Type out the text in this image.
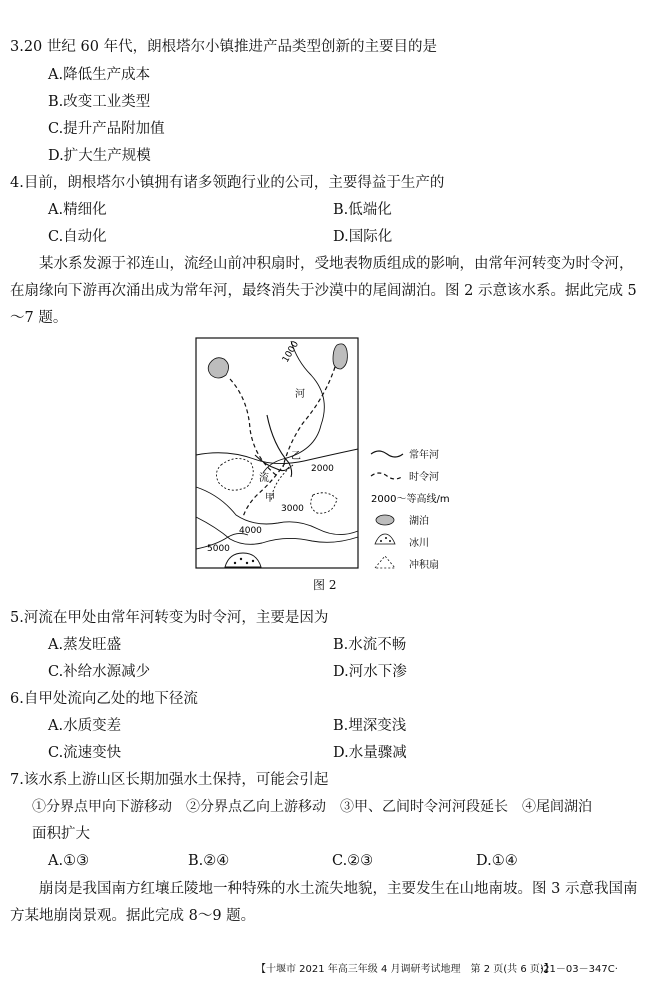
3.20 世纪 60 年代，朗根塔尔小镇推进产品类型创新的主要目的是
A.降低生产成本
B.改变工业类型
C.提升产品附加值
D.扩大生产规模
4.目前，朗根塔尔小镇拥有诸多领跑行业的公司，主要得益于生产的
A.精细化	B.低端化
C.自动化	D.国际化
某水系发源于祁连山，流经山前冲积扇时，受地表物质组成的影响，由常年河转变为时令河，在扇缘向下游再次涌出成为常年河，最终消失于沙漠中的尾闾湖泊。图 2 示意该水系。据此完成 5～7 题。
1000
河
乙
2000
流
甲
3000
4000
5000
常年河
时令河
2000～等高线/m
湖泊
冰川
冲积扇
图 2
5.河流在甲处由常年河转变为时令河，主要是因为
A.蒸发旺盛	B.水流不畅
C.补给水源减少	D.河水下渗
6.自甲处流向乙处的地下径流
A.水质变差	B.埋深变浅
C.流速变快	D.水量骤减
7.该水系上游山区长期加强水土保持，可能会引起
①分界点甲向下游移动　②分界点乙向上游移动　③甲、乙间时令河河段延长　④尾闾湖泊
面积扩大
A.①③	B.②④	C.②③	D.①④
崩岗是我国南方红壤丘陵地一种特殊的水土流失地貌，主要发生在山地南坡。图 3 示意我国南方某地崩岗景观。据此完成 8～9 题。
【十堰市 2021 年高三年级 4 月调研考试地理　第 2 页(共 6 页)】
·21－03－347C·
